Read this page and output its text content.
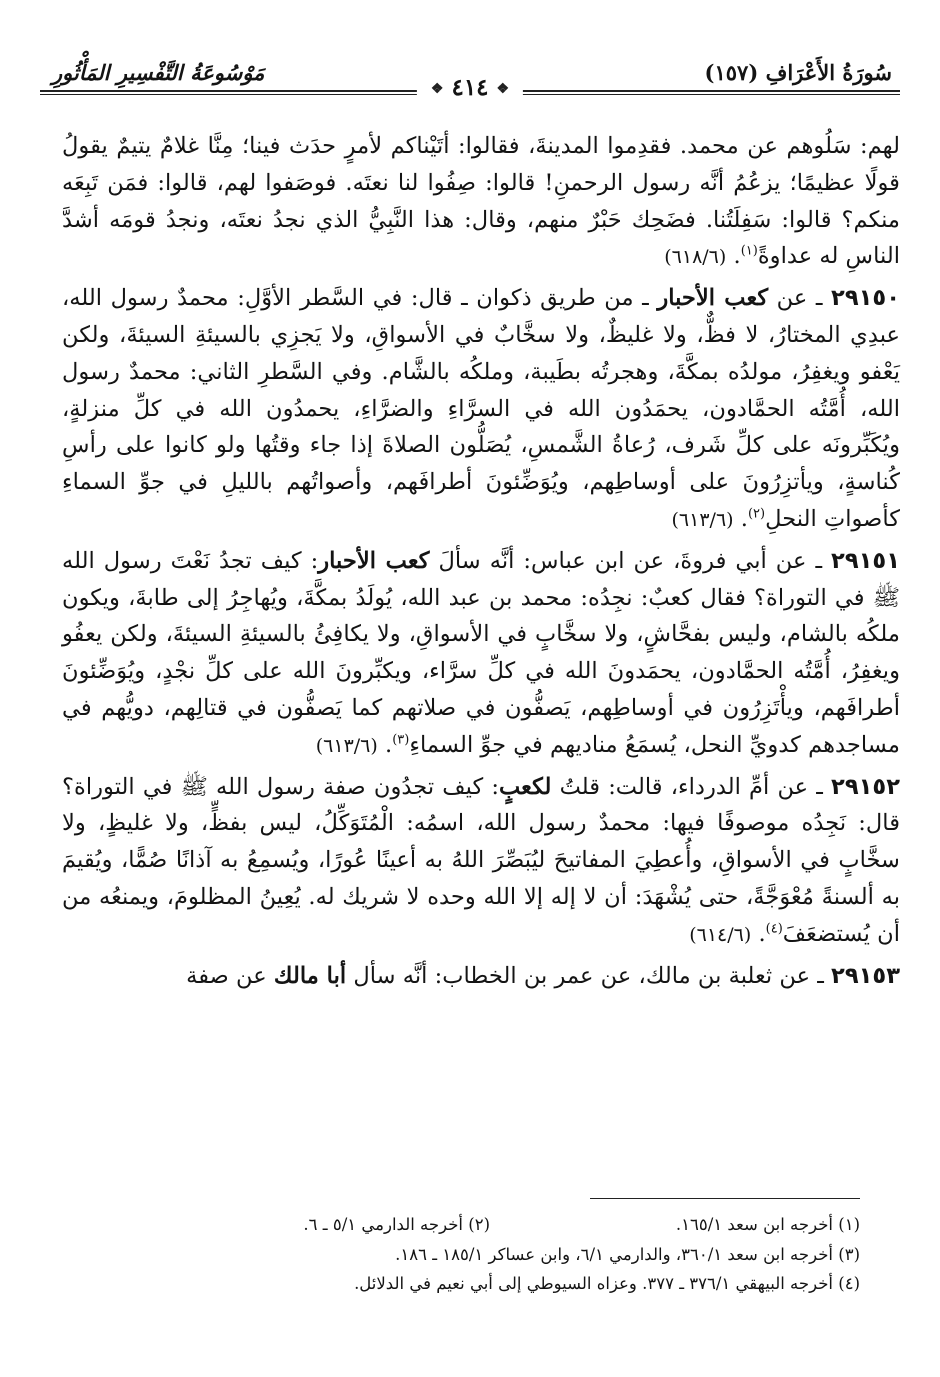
سُورَةُ الأَعْرَافِ (١٥٧)
مَوْسُوعَةُ التَّفْسِيرِ المَأْثُورِ
❖ ٤١٤ ❖

لهم: سَلُوهم عن محمد. فقدِموا المدينةَ، فقالوا: أتَيْناكم لأمرٍ حدَث فينا؛ مِنَّا غلامٌ يتيمٌ يقولُ قولًا عظيمًا؛ يزعُمُ أنَّه رسول الرحمنِ! قالوا: صِفُوا لنا نعتَه. فوصَفوا لهم، قالوا: فمَن تَبِعَه منكم؟ قالوا: سَفِلَتُنا. فضَحِك حَبْرٌ منهم، وقال: هذا النَّبِيُّ الذي نجدُ نعتَه، ونجدُ قومَه أشدَّ الناسِ له عداوةً$^{(١)}$. (٦١٨/٦)

٢٩١٥٠ ـ عن كعب الأحبار ـ من طريق ذكوان ـ قال: في السَّطر الأوَّلِ: محمدٌ رسول الله، عبدِي المختارُ، لا فظٌّ، ولا غليظٌ، ولا سخَّابٌ في الأسواقِ، ولا يَجزِي بالسيئةِ السيئةَ، ولكن يَعْفو ويغفِرُ، مولدُه بمكَّةَ، وهجرتُه بطَيبة، وملكُه بالشَّام. وفي السَّطرِ الثاني: محمدٌ رسول الله، أُمَّتُه الحمَّادون، يحمَدُون الله في السرَّاءِ والضرَّاءِ، يحمدُون الله في كلِّ منزلةٍ، ويُكَبِّرونَه على كلِّ شَرف، رُعاةُ الشَّمسِ، يُصَلُّون الصلاةَ إذا جاء وقتُها ولو كانوا على رأسِ كُناسةٍ، ويأتزِرُونَ على أوساطِهم، ويُوَضِّئونَ أطرافَهم، وأصواتُهم بالليلِ في جوِّ السماءِ كأصواتِ النحلِ$^{(٢)}$. (٦١٣/٦)

٢٩١٥١ ـ عن أبي فروةَ، عن ابن عباس: أنَّه سألَ كعب الأحبار: كيف تجدُ نَعْتَ رسول الله ﷺ في التوراة؟ فقال كعبٌ: نجِدُه: محمد بن عبد الله، يُولَدُ بمكَّةَ، ويُهاجِرُ إلى طابةَ، ويكون ملكُه بالشام، وليس بفحَّاشٍ، ولا سخَّابٍ في الأسواقِ، ولا يكافِئُ بالسيئةِ السيئةَ، ولكن يعفُو ويغفِرُ، أُمَّتُه الحمَّادون، يحمَدونَ الله في كلِّ سرَّاء، ويكبِّرونَ الله على كلِّ نجْدٍ، ويُوَضِّئونَ أطرافَهم، ويأْتَزِرُون في أوساطِهم، يَصفُّون في صلاتهم كما يَصفُّون في قتالِهم، دويُّهم في مساجدهم كدويِّ النحل، يُسمَعُ مناديهم في جوِّ السماءِ$^{(٣)}$. (٦١٣/٦)

٢٩١٥٢ ـ عن أمِّ الدرداء، قالت: قلتُ لكعبٍ: كيف تجدُون صفة رسول الله ﷺ في التوراة؟ قال: نَجِدُه موصوفًا فيها: محمدٌ رسول الله، اسمُه: الْمُتَوَكِّلُ، ليس بفظٍّ، ولا غليظٍ، ولا سخَّابٍ في الأسواقِ، وأُعطِيَ المفاتيحَ ليُبَصِّرَ اللهُ به أعينًا عُورًا، ويُسمِعُ به آذانًا صُمًّا، ويُقيمَ به ألسنةً مُعْوَجَّةً، حتى يُشْهَدَ: أن لا إله إلا الله وحده لا شريك له. يُعِينُ المظلومَ، ويمنعُه من أن يُستضعَفَ$^{(٤)}$. (٦١٤/٦)

٢٩١٥٣ ـ عن ثعلبة بن مالك، عن عمر بن الخطاب: أنَّه سأل أبا مالك عن صفة

(١) أخرجه ابن سعد ١٦٥/١.
(٢) أخرجه الدارمي ٥/١ ـ ٦.
(٣) أخرجه ابن سعد ٣٦٠/١، والدارمي ٦/١، وابن عساكر ١٨٥/١ ـ ١٨٦.
(٤) أخرجه البيهقي ٣٧٦/١ ـ ٣٧٧. وعزاه السيوطي إلى أبي نعيم في الدلائل.
